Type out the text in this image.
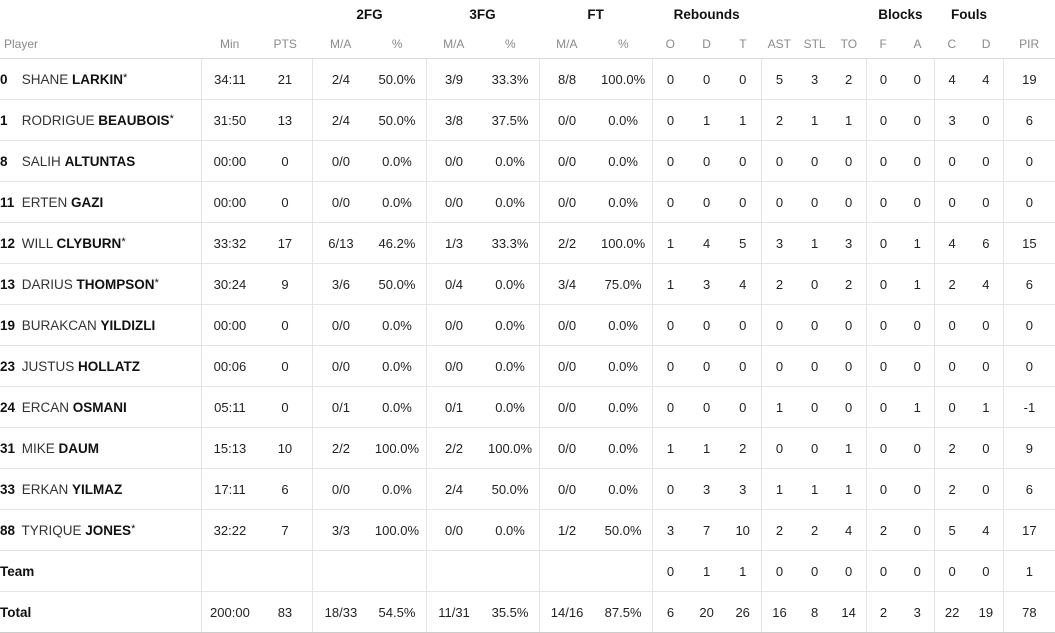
			2FG		3FG		FT		Rebounds						Blocks		Fouls		
Player	Min	PTS	M/A	%	M/A	%	M/A	%	O	D	T	AST	STL	TO	F	A	C	D	PIR
0 SHANE LARKIN*	34:11	21	2/4	50.0%	3/9	33.3%	8/8	100.0%	0	0	0	5	3	2	0	0	4	4	19
1 RODRIGUE BEAUBOIS*	31:50	13	2/4	50.0%	3/8	37.5%	0/0	0.0%	0	1	1	2	1	1	0	0	3	0	6
8 SALIH ALTUNTAS	00:00	0	0/0	0.0%	0/0	0.0%	0/0	0.0%	0	0	0	0	0	0	0	0	0	0	0
11 ERTEN GAZI	00:00	0	0/0	0.0%	0/0	0.0%	0/0	0.0%	0	0	0	0	0	0	0	0	0	0	0
12 WILL CLYBURN*	33:32	17	6/13	46.2%	1/3	33.3%	2/2	100.0%	1	4	5	3	1	3	0	1	4	6	15
13 DARIUS THOMPSON*	30:24	9	3/6	50.0%	0/4	0.0%	3/4	75.0%	1	3	4	2	0	2	0	1	2	4	6
19 BURAKCAN YILDIZLI	00:00	0	0/0	0.0%	0/0	0.0%	0/0	0.0%	0	0	0	0	0	0	0	0	0	0	0
23 JUSTUS HOLLATZ	00:06	0	0/0	0.0%	0/0	0.0%	0/0	0.0%	0	0	0	0	0	0	0	0	0	0	0
24 ERCAN OSMANI	05:11	0	0/1	0.0%	0/1	0.0%	0/0	0.0%	0	0	0	1	0	0	0	1	0	1	-1
31 MIKE DAUM	15:13	10	2/2	100.0%	2/2	100.0%	0/0	0.0%	1	1	2	0	0	1	0	0	2	0	9
33 ERKAN YILMAZ	17:11	6	0/0	0.0%	2/4	50.0%	0/0	0.0%	0	3	3	1	1	1	0	0	2	0	6
88 TYRIQUE JONES*	32:22	7	3/3	100.0%	0/0	0.0%	1/2	50.0%	3	7	10	2	2	4	2	0	5	4	17
Team									0	1	1	0	0	0	0	0	0	0	1
Total	200:00	83	18/33	54.5%	11/31	35.5%	14/16	87.5%	6	20	26	16	8	14	2	3	22	19	78
